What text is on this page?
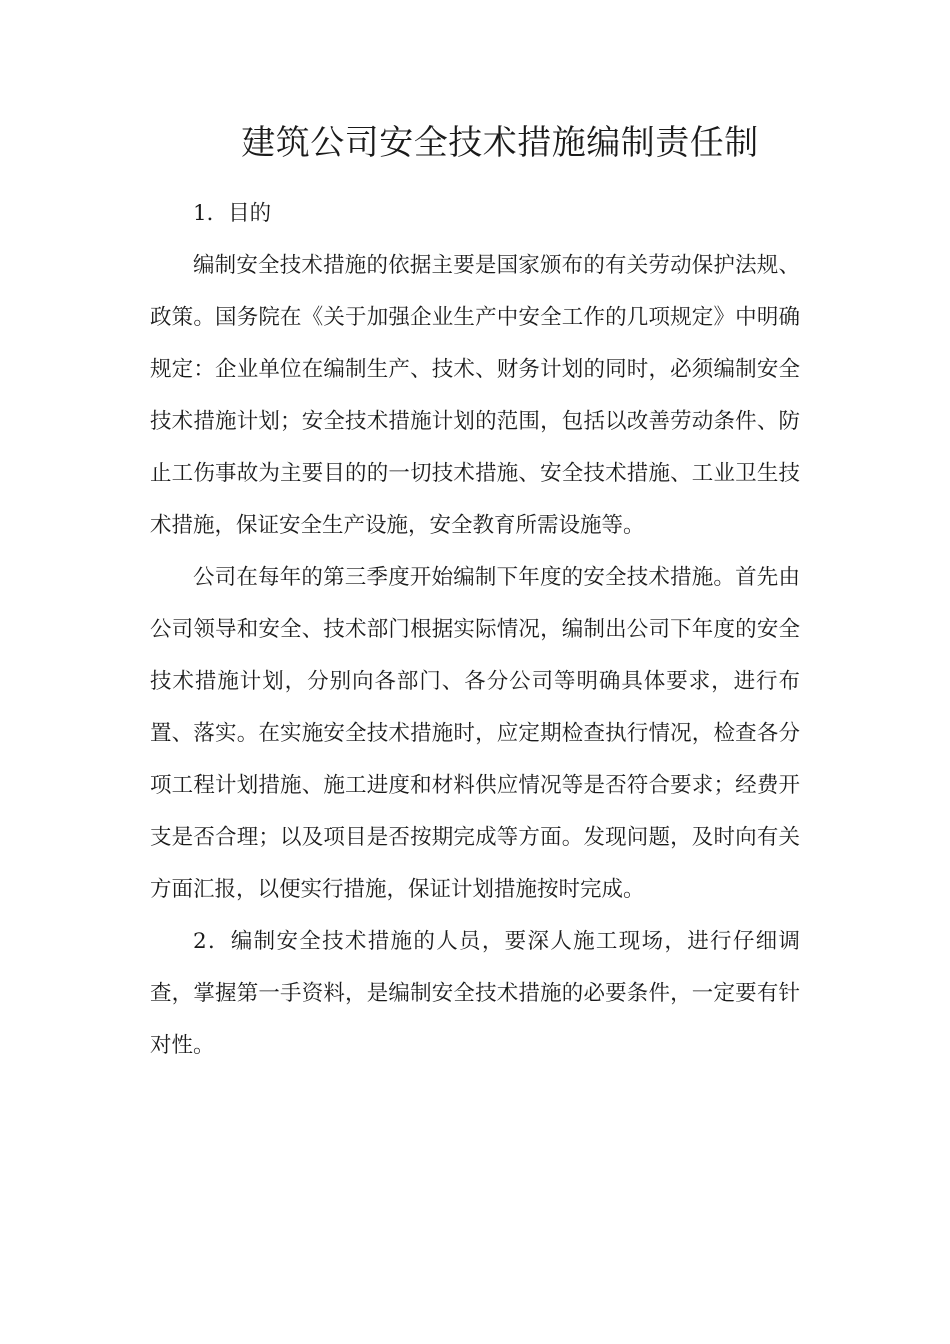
建筑公司安全技术措施编制责任制

1．目的

编制安全技术措施的依据主要是国家颁布的有关劳动保护法规、政策。国务院在《关于加强企业生产中安全工作的几项规定》中明确规定：企业单位在编制生产、技术、财务计划的同时，必须编制安全技术措施计划；安全技术措施计划的范围，包括以改善劳动条件、防止工伤事故为主要目的的一切技术措施、安全技术措施、工业卫生技术措施，保证安全生产设施，安全教育所需设施等。

公司在每年的第三季度开始编制下年度的安全技术措施。首先由公司领导和安全、技术部门根据实际情况，编制出公司下年度的安全技术措施计划，分别向各部门、各分公司等明确具体要求，进行布置、落实。在实施安全技术措施时，应定期检查执行情况，检查各分项工程计划措施、施工进度和材料供应情况等是否符合要求；经费开支是否合理；以及项目是否按期完成等方面。发现问题，及时向有关方面汇报，以便实行措施，保证计划措施按时完成。

2．编制安全技术措施的人员，要深人施工现场，进行仔细调查，掌握第一手资料，是编制安全技术措施的必要条件，一定要有针对性。
